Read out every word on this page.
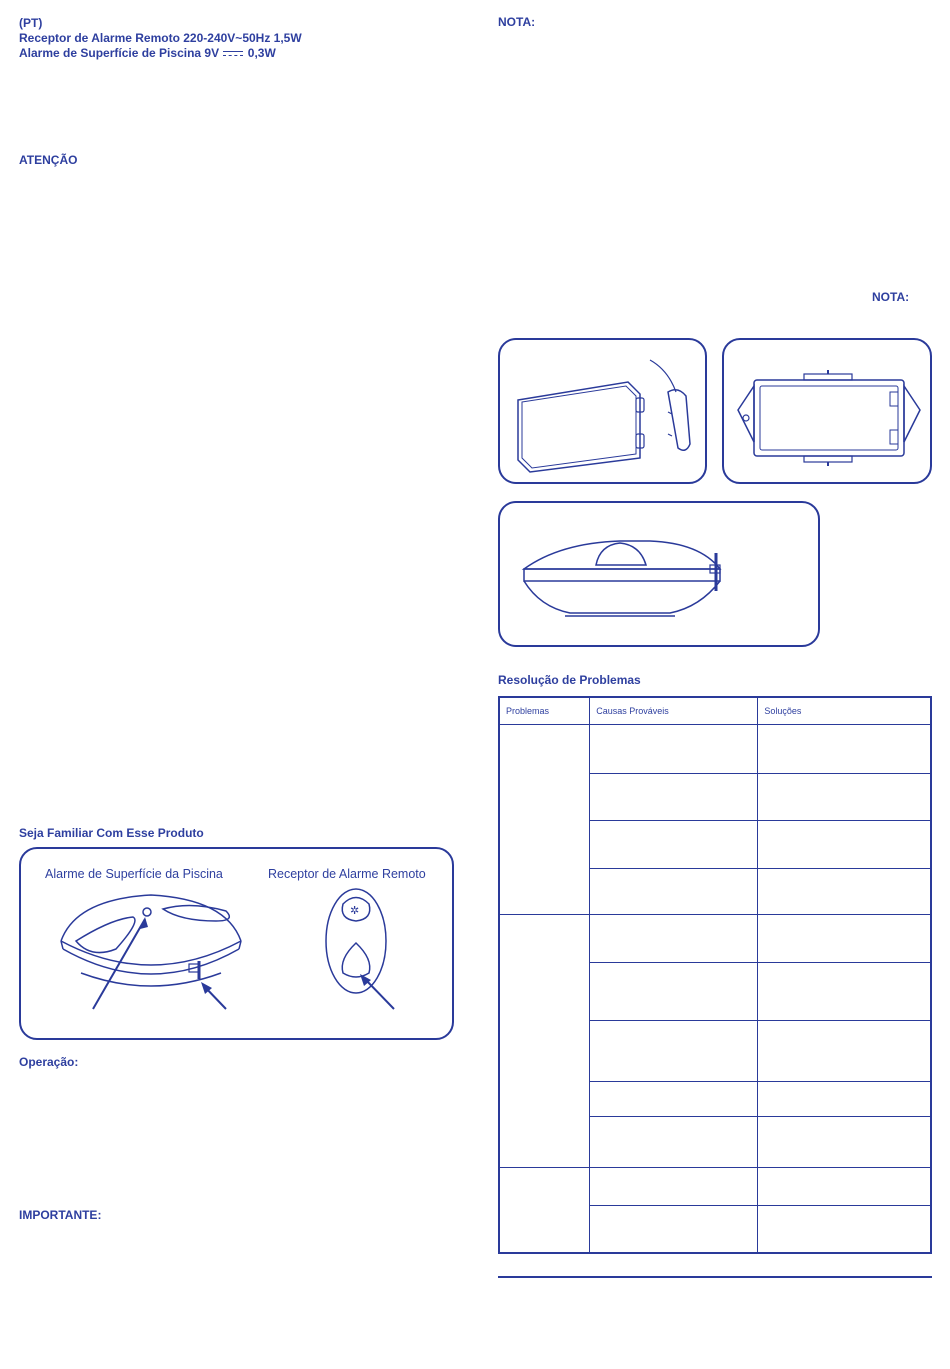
(PT)
Receptor de Alarme Remoto 220-240V~50Hz 1,5W
Alarme de Superfície de Piscina 9V 0,3W
ATENÇÃO
Seja Familiar Com Esse Produto
Alarme de Superfície da Piscina	Receptor de Alarme Remoto
✲
Operação:
IMPORTANTE:
NOTA:
NOTA:
Resolução de Problemas
Problemas	Causas Prováveis	Soluções
